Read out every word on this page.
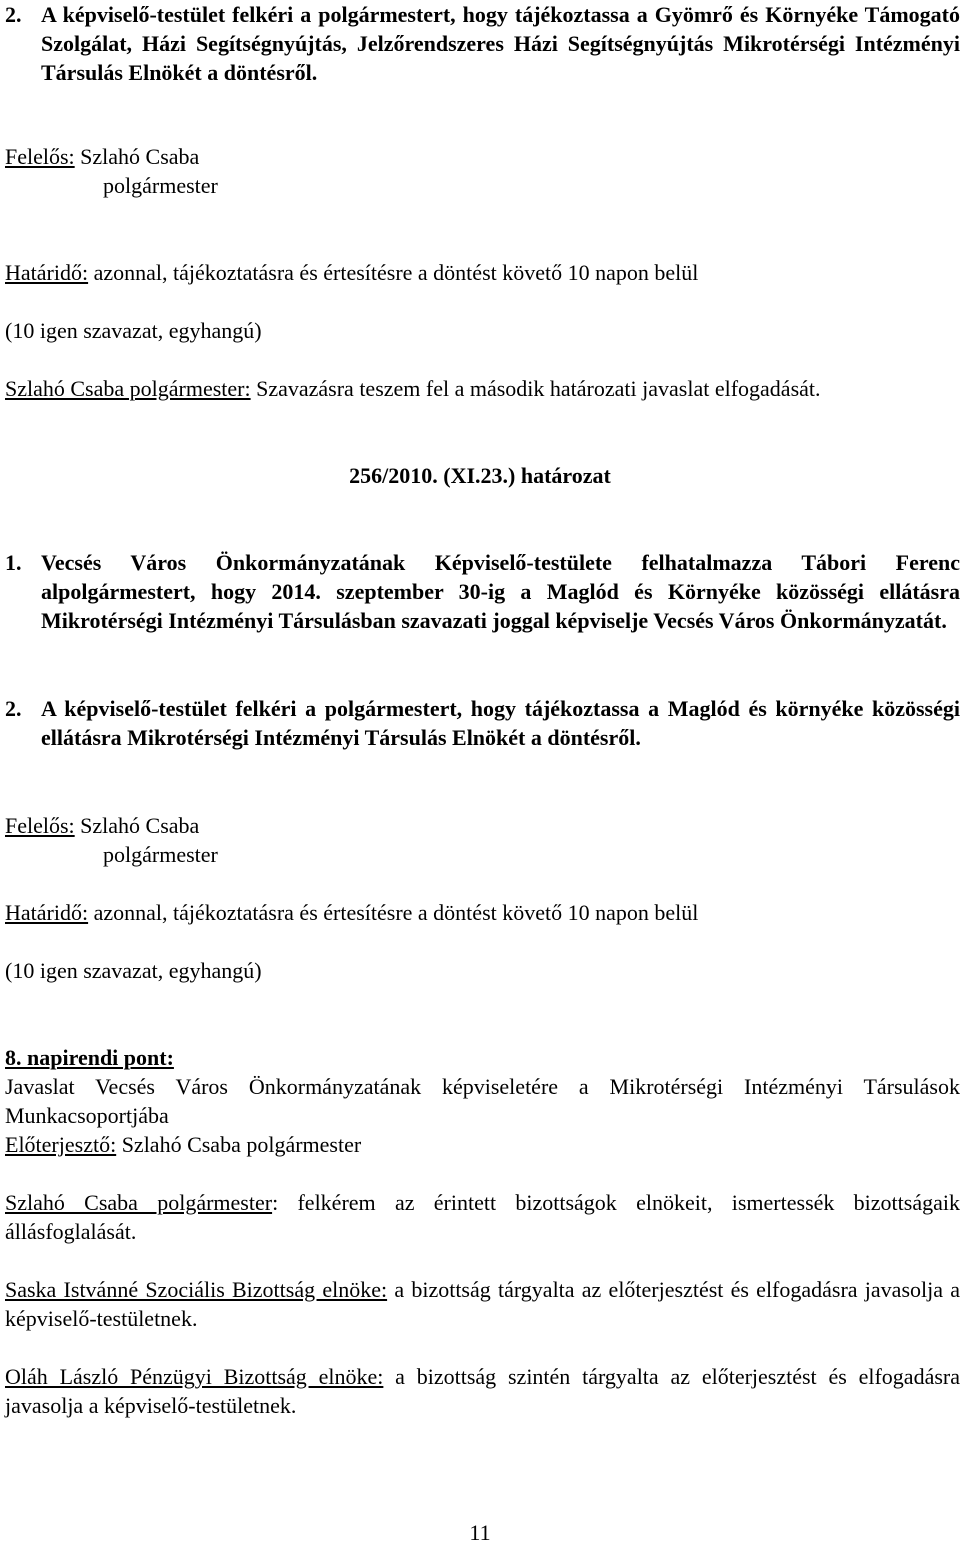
2. A képviselő-testület felkéri a polgármestert, hogy tájékoztassa a Gyömrő és Környéke Támogató Szolgálat, Házi Segítségnyújtás, Jelzőrendszeres Házi Segítségnyújtás Mikrotérségi Intézményi Társulás Elnökét a döntésről.
Felelős: Szlahó Csaba
polgármester
Határidő: azonnal, tájékoztatásra és értesítésre a döntést követő 10 napon belül
(10 igen szavazat, egyhangú)
Szlahó Csaba polgármester: Szavazásra teszem fel a második határozati javaslat elfogadását.
256/2010. (XI.23.) határozat
1. Vecsés Város Önkormányzatának Képviselő-testülete felhatalmazza Tábori Ferenc alpolgármestert, hogy 2014. szeptember 30-ig a Maglód és Környéke közösségi ellátásra Mikrotérségi Intézményi Társulásban szavazati joggal képviselje Vecsés Város Önkormányzatát.
2. A képviselő-testület felkéri a polgármestert, hogy tájékoztassa a Maglód és környéke közösségi ellátásra Mikrotérségi Intézményi Társulás Elnökét a döntésről.
Felelős: Szlahó Csaba
polgármester
Határidő: azonnal, tájékoztatásra és értesítésre a döntést követő 10 napon belül
(10 igen szavazat, egyhangú)
8. napirendi pont:
Javaslat Vecsés Város Önkormányzatának képviseletére a Mikrotérségi Intézményi Társulások Munkacsoportjába
Előterjesztő: Szlahó Csaba polgármester
Szlahó Csaba polgármester: felkérem az érintett bizottságok elnökeit, ismertessék bizottságaik állásfoglalását.
Saska Istvánné Szociális Bizottság elnöke: a bizottság tárgyalta az előterjesztést és elfogadásra javasolja a képviselő-testületnek.
Oláh László Pénzügyi Bizottság elnöke: a bizottság szintén tárgyalta az előterjesztést és elfogadásra javasolja a képviselő-testületnek.
11
